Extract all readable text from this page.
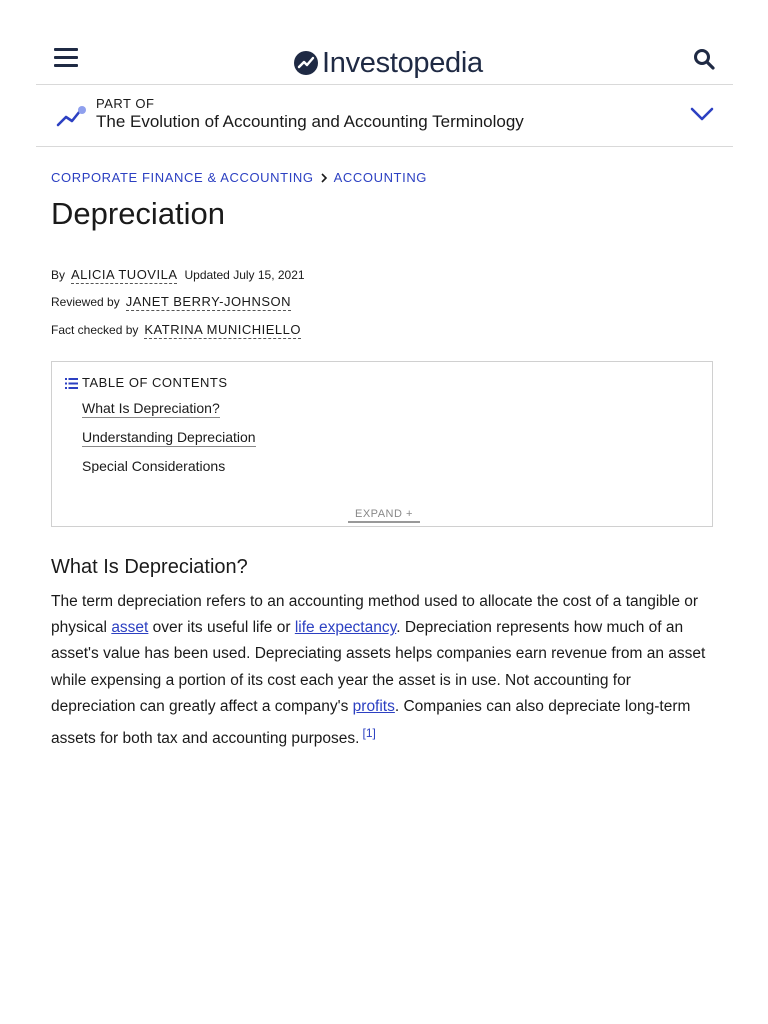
Investopedia
PART OF
The Evolution of Accounting and Accounting Terminology
CORPORATE FINANCE & ACCOUNTING ACCOUNTING
Depreciation
By ALICIA TUOVILA Updated July 15, 2021
Reviewed by JANET BERRY-JOHNSON
Fact checked by KATRINA MUNICHIELLO
TABLE OF CONTENTS
What Is Depreciation?
Understanding Depreciation
Special Considerations
EXPAND +
What Is Depreciation?

The term depreciation refers to an accounting method used to allocate the cost of a tangible or physical asset over its useful life or life expectancy. Depreciation represents how much of an asset's value has been used. Depreciating assets helps companies earn revenue from an asset while expensing a portion of its cost each year the asset is in use. Not accounting for depreciation can greatly affect a company's profits. Companies can also depreciate long-term assets for both tax and accounting purposes. [1]
